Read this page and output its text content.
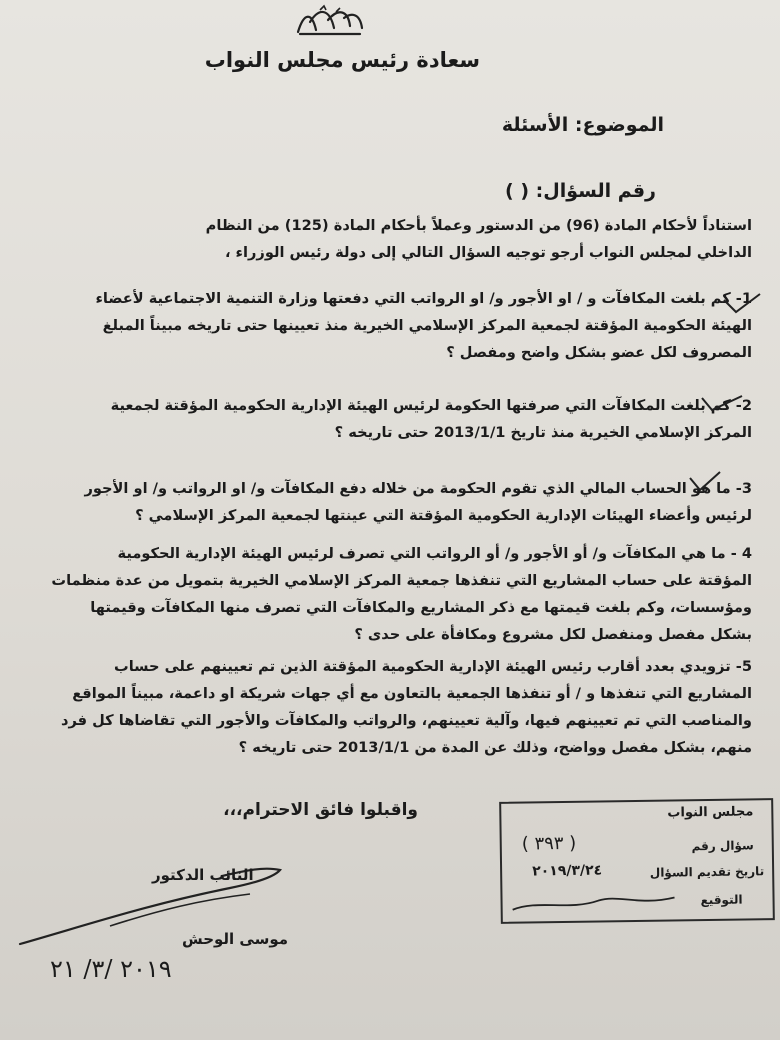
سعادة رئيس مجلس النواب
الموضوع: الأسئلة
رقم السؤال: ( )
استناداً لأحكام المادة (96) من الدستور وعملاً بأحكام المادة (125) من النظام
الداخلي لمجلس النواب أرجو توجيه السؤال التالي إلى دولة رئيس الوزراء ،
1- كم بلغت المكافآت و / او الأجور و/ او الرواتب التي دفعتها وزارة التنمية الاجتماعية لأعضاء
الهيئة الحكومية المؤقتة لجمعية المركز الإسلامي الخيرية منذ تعيينها حتى تاريخه مبيناً المبلغ
المصروف لكل عضو بشكل واضح ومفصل ؟
2- كم بلغت المكافآت التي صرفتها الحكومة لرئيس الهيئة الإدارية الحكومية المؤقتة لجمعية
المركز الإسلامي الخيرية منذ تاريخ 2013/1/1 حتى تاريخه ؟
3- ما هو الحساب المالي الذي تقوم الحكومة من خلاله دفع المكافآت و/ او الرواتب و/ او الأجور
لرئيس وأعضاء الهيئات الإدارية الحكومية المؤقتة التي عينتها لجمعية المركز الإسلامي ؟
4 - ما هي المكافآت و/ أو الأجور و/ أو الرواتب التي تصرف لرئيس الهيئة الإدارية الحكومية
المؤقتة على حساب المشاريع التي تنفذها جمعية المركز الإسلامي الخيرية بتمويل من عدة منظمات
ومؤسسات، وكم بلغت قيمتها مع ذكر المشاريع والمكافآت التي تصرف منها المكافآت وقيمتها
بشكل مفصل ومنفصل لكل مشروع ومكافأة على حدى ؟
5- تزويدي بعدد أقارب رئيس الهيئة الإدارية الحكومية المؤقتة الذين تم تعيينهم على حساب
المشاريع التي تنفذها و / أو تنفذها الجمعية بالتعاون مع أي جهات شريكة او داعمة، مبيناً المواقع
والمناصب التي تم تعيينهم فيها، وآلية تعيينهم، والرواتب والمكافآت والأجور التي تقاضاها كل فرد
منهم، بشكل مفصل وواضح، وذلك عن المدة من 2013/1/1 حتى تاريخه ؟
واقبلوا فائق الاحترام،،،
النائب الدكتور
موسى الوحش
٢٠١٩ /٣/ ٢١
مجلس النواب
سؤال رقم
( ٣٩٣ )
تاريخ تقديم السؤال
٢٠١٩/٣/٢٤
التوقيع
